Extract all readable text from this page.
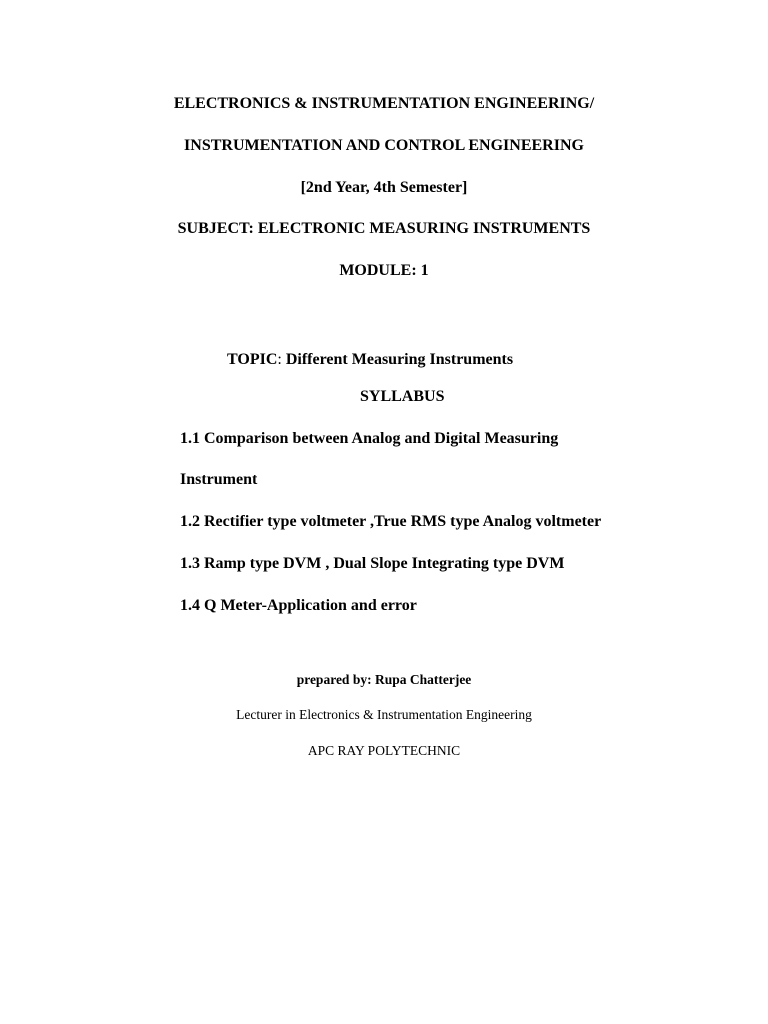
ELECTRONICS & INSTRUMENTATION ENGINEERING/
INSTRUMENTATION AND CONTROL ENGINEERING
[2nd Year, 4th Semester]
SUBJECT: ELECTRONIC MEASURING INSTRUMENTS
MODULE: 1
TOPIC: Different Measuring Instruments
SYLLABUS
1.1 Comparison between Analog and Digital Measuring
Instrument
1.2 Rectifier type voltmeter ,True RMS type Analog voltmeter
1.3 Ramp type DVM , Dual Slope Integrating type DVM
1.4 Q Meter-Application and error
prepared by: Rupa Chatterjee
Lecturer in Electronics & Instrumentation Engineering
APC RAY POLYTECHNIC
